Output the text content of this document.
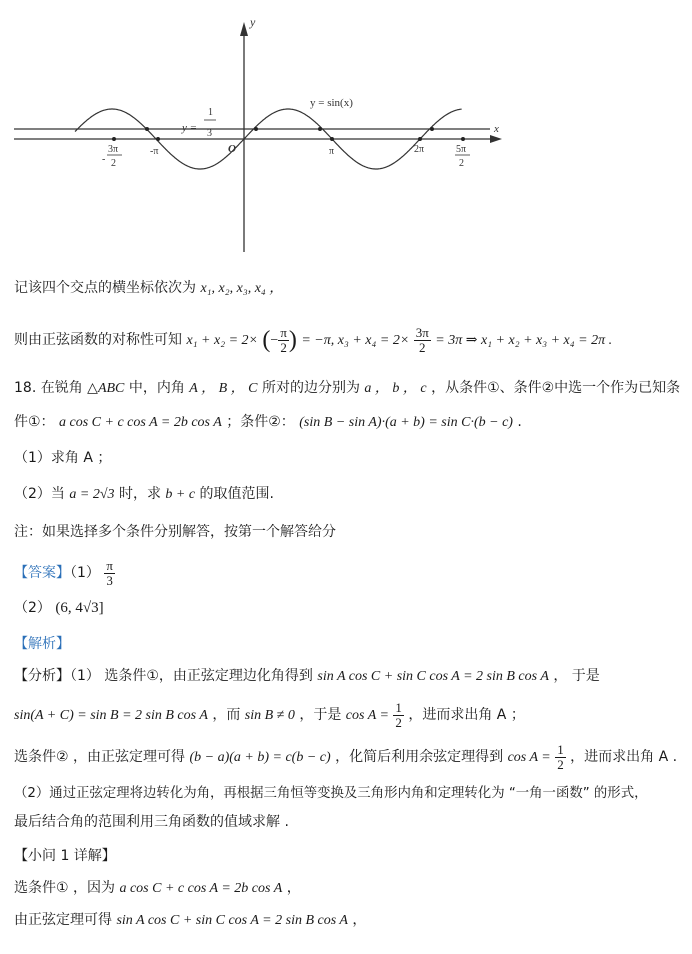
y
x
y = sin(x)
y =
1
3
O
-
3π
2
-π	π	2π	5π
2
记该四个交点的横坐标依次为 x₁, x₂, x₃, x₄ ，
则由正弦函数的对称性可知 x₁ + x₂ = 2× (− $\frac{\pi}{2}$ ) = −π, $x_3 + x_4 = 2\times \frac{3\pi}{2} = 3\pi$ ⇒ x₁ + x₂ + x₃ + x₄ = 2π .
18. 在锐角 △ABC 中，内角 A ， B ， C 所对的边分别为 a ， b ， c ，从条件①、条件②中选一个作为已知条
件①： a cos C + c cos A = 2b cos A ；条件②： (sin B − sin A)·(a + b) = sin C·(b − c) .
（1）求角 A ；
（2）当 a = 2√3 时，求 b + c 的取值范围.
注：如果选择多个条件分别解答，按第一个解答给分
【答案】$(1) \frac{\pi}{3}$
（2） (6, 4√3]
【解析】
【分析】（1） 选条件①，由正弦定理边化角得到 sin A cos C + sin C cos A = 2 sin B cos A ， 于是
sin(A + C) = sin B = 2 sin B cos A ，而 sin B ≠ 0 ，于是 $\cos A = \frac{1}{2}$ ，进而求出角 A ；
选条件② ，由正弦定理可得 (b − a)(a + b) = c(b − c) ，化简后利用余弦定理得到 $\cos A = \frac{1}{2}$ ，进而求出角 A .
（2）通过正弦定理将边转化为角，再根据三角恒等变换及三角形内角和定理转化为 “一角一函数” 的形式，
最后结合角的范围利用三角函数的值域求解 .
【小问 1 详解】
选条件① ，因为 a cos C + c cos A = 2b cos A ，
由正弦定理可得 sin A cos C + sin C cos A = 2 sin B cos A ，
